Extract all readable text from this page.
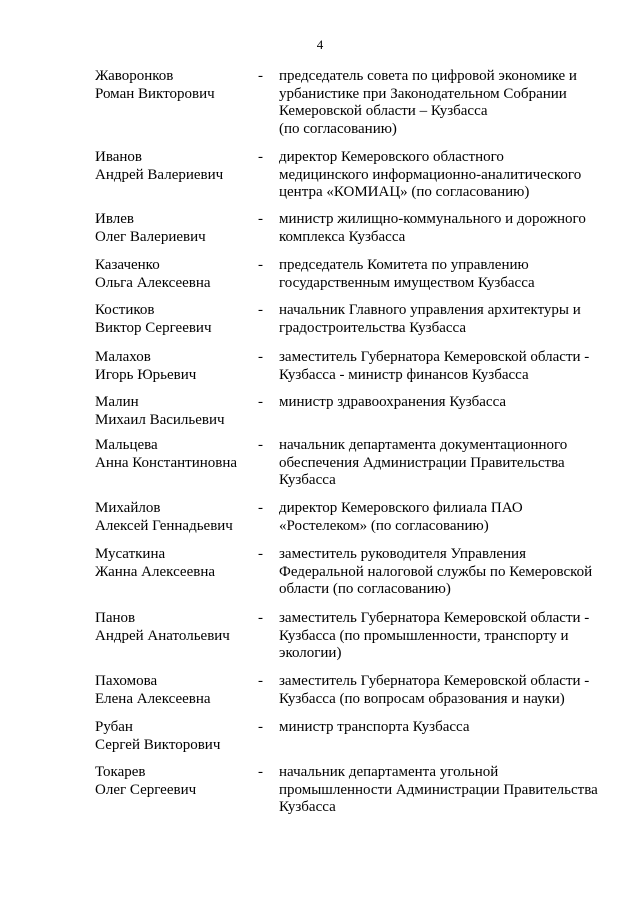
4
Жаворонков
Роман Викторович
- председатель совета по цифровой экономике и
урбанистике при Законодательном Собрании
Кемеровской области – Кузбасса
(по согласованию)
Иванов
Андрей Валериевич
- директор Кемеровского областного
медицинского информационно-аналитического
центра «КОМИАЦ» (по согласованию)
Ивлев
Олег Валериевич
- министр жилищно-коммунального и дорожного
комплекса Кузбасса
Казаченко
Ольга Алексеевна
- председатель Комитета по управлению
государственным имуществом Кузбасса
Костиков
Виктор Сергеевич
- начальник Главного управления архитектуры и
градостроительства Кузбасса
Малахов
Игорь Юрьевич
- заместитель Губернатора Кемеровской области -
Кузбасса - министр финансов Кузбасса
Малин
Михаил Васильевич
- министр здравоохранения Кузбасса
Мальцева
Анна Константиновна
- начальник департамента документационного
обеспечения Администрации Правительства
Кузбасса
Михайлов
Алексей Геннадьевич
- директор Кемеровского филиала ПАО
«Ростелеком» (по согласованию)
Мусаткина
Жанна Алексеевна
- заместитель руководителя Управления
Федеральной налоговой службы по Кемеровской
области (по согласованию)
Панов
Андрей Анатольевич
- заместитель Губернатора Кемеровской области -
Кузбасса (по промышленности, транспорту и
экологии)
Пахомова
Елена Алексеевна
- заместитель Губернатора Кемеровской области -
Кузбасса (по вопросам образования и науки)
Рубан
Сергей Викторович
- министр транспорта Кузбасса
Токарев
Олег Сергеевич
- начальник департамента угольной
промышленности Администрации Правительства
Кузбасса
